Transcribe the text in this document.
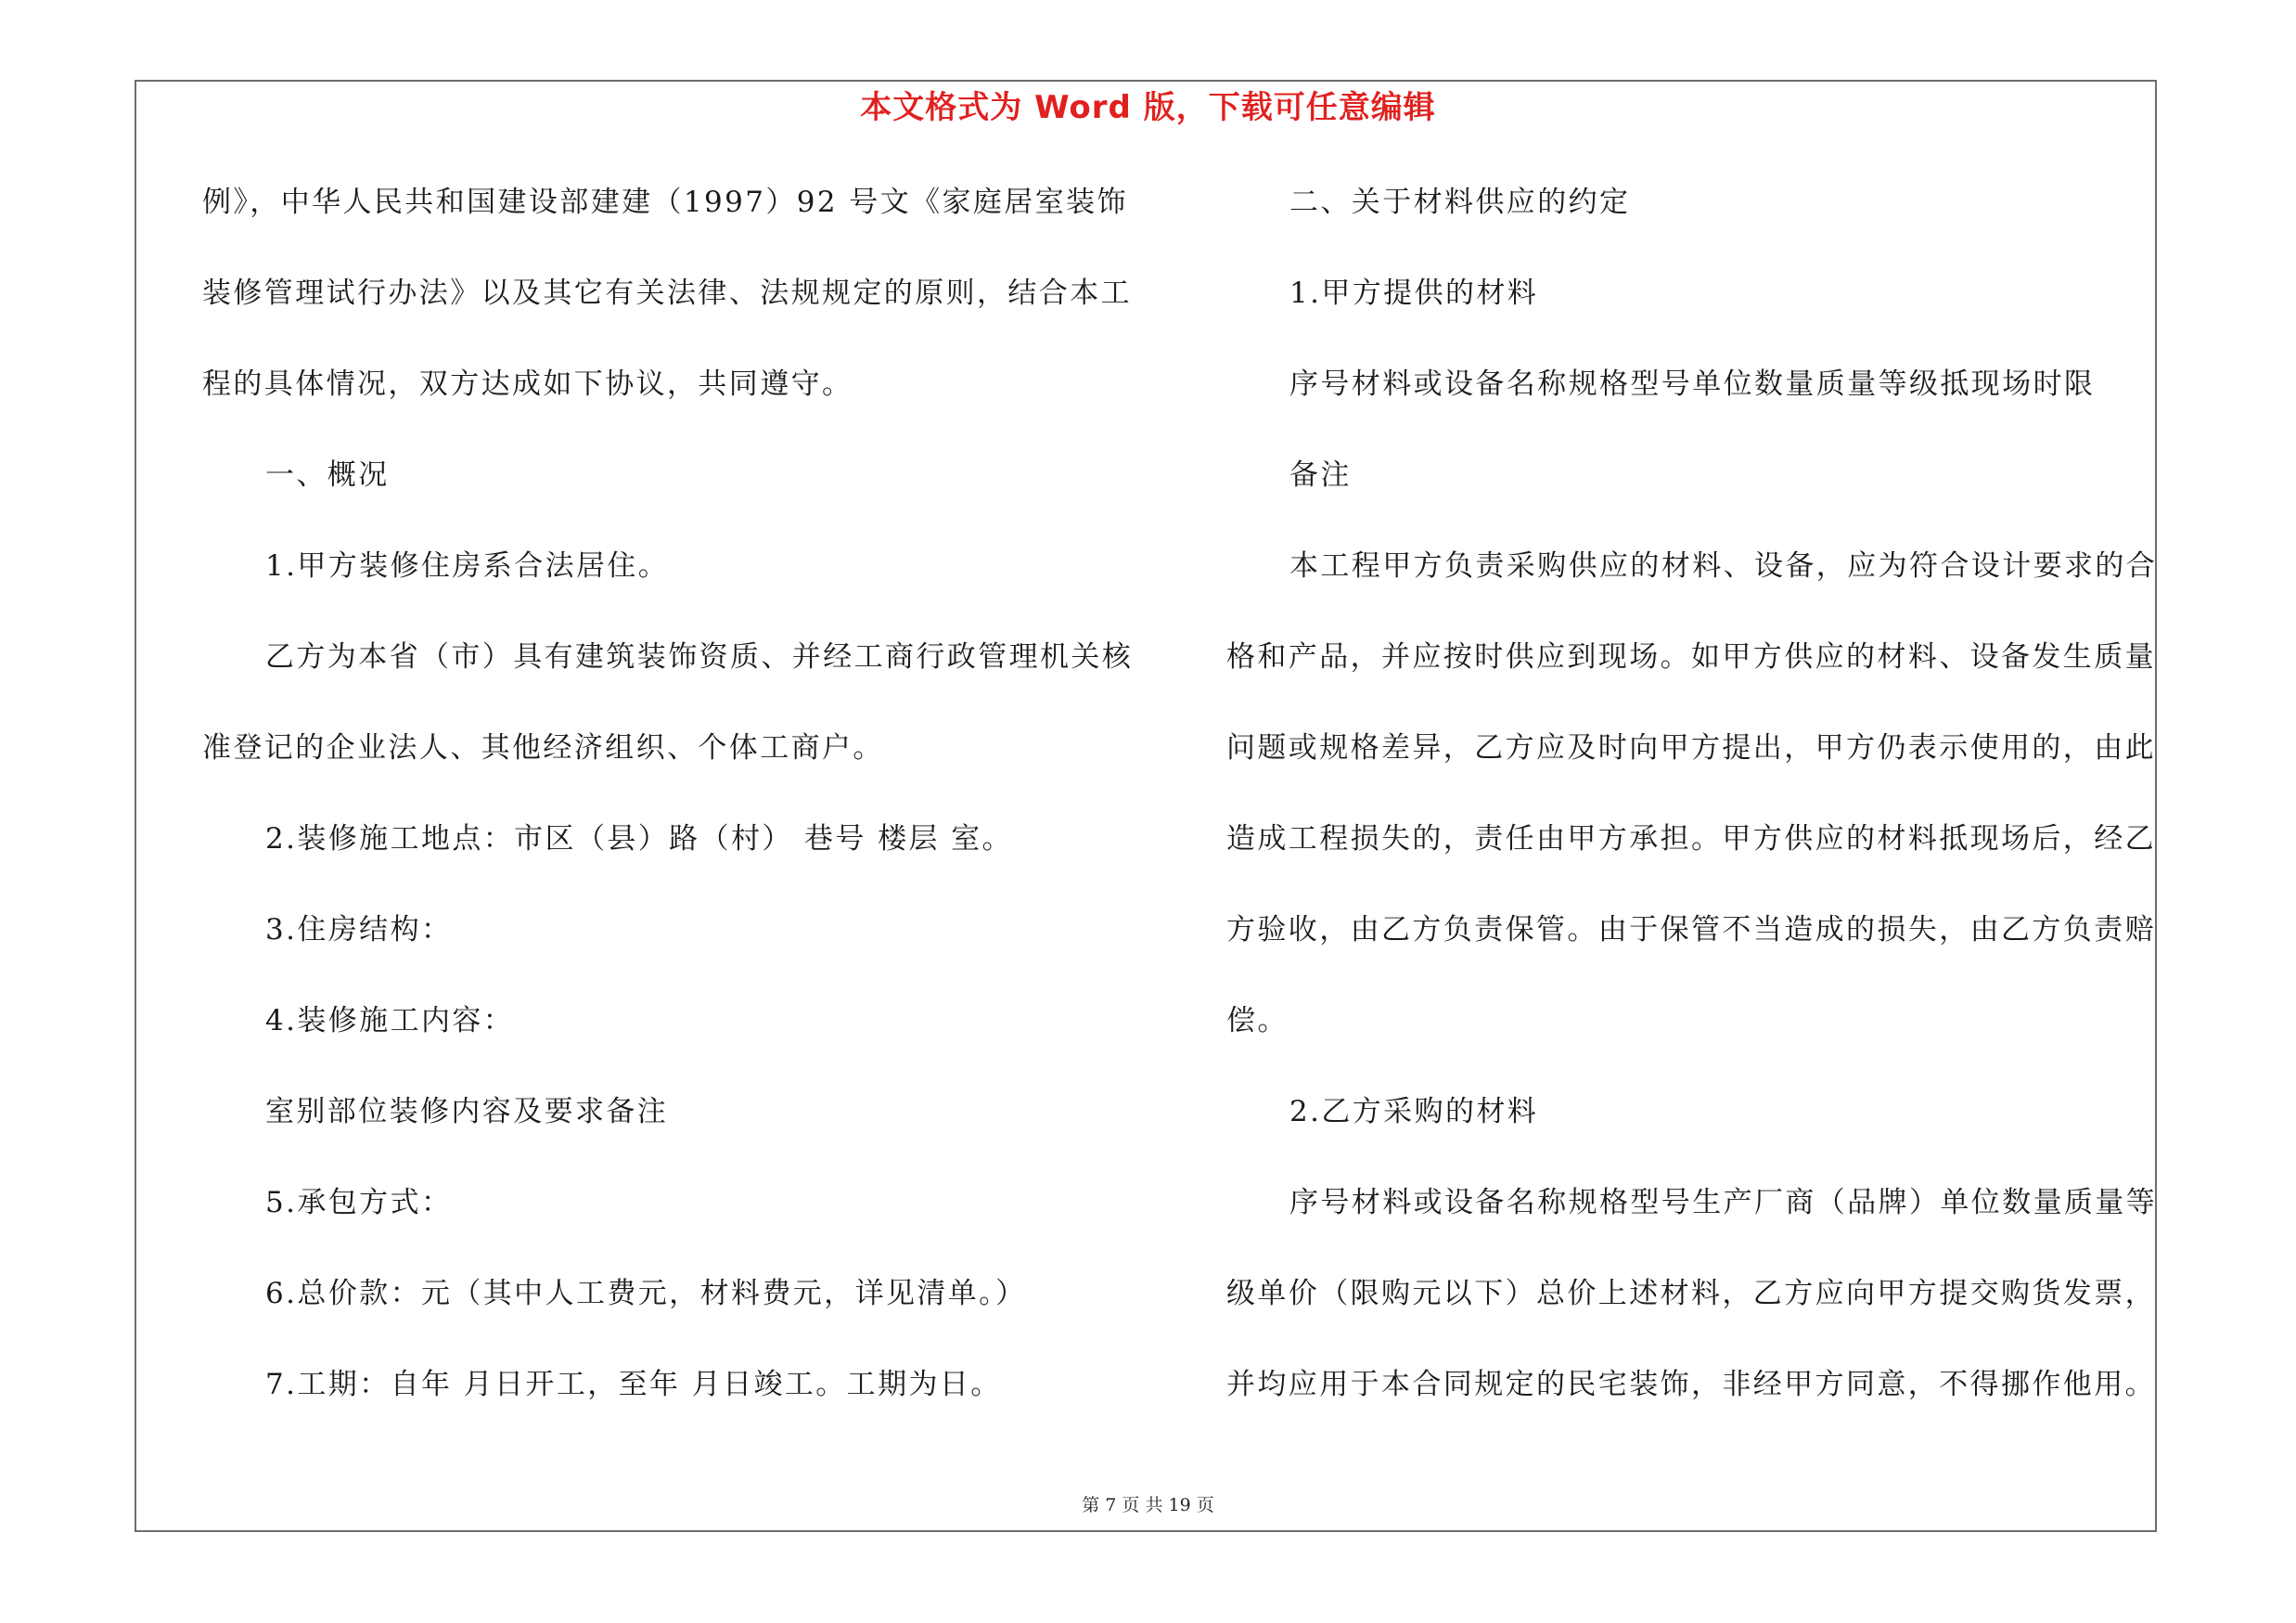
本文格式为 Word 版，下载可任意编辑
例》，中华人民共和国建设部建建（1997）92 号文《家庭居室装饰
装修管理试行办法》以及其它有关法律、法规规定的原则，结合本工
程的具体情况，双方达成如下协议，共同遵守。
一、概况
1.甲方装修住房系合法居住。
乙方为本省（市）具有建筑装饰资质、并经工商行政管理机关核
准登记的企业法人、其他经济组织、个体工商户。
2.装修施工地点：市区（县）路（村） 巷号 楼层 室。
3.住房结构：
4.装修施工内容：
室别部位装修内容及要求备注
5.承包方式：
6.总价款：元（其中人工费元，材料费元，详见清单。）
7.工期：自年 月日开工，至年 月日竣工。工期为日。
二、关于材料供应的约定
1.甲方提供的材料
序号材料或设备名称规格型号单位数量质量等级抵现场时限
备注
本工程甲方负责采购供应的材料、设备，应为符合设计要求的合
格和产品，并应按时供应到现场。如甲方供应的材料、设备发生质量
问题或规格差异，乙方应及时向甲方提出，甲方仍表示使用的，由此
造成工程损失的，责任由甲方承担。甲方供应的材料抵现场后，经乙
方验收，由乙方负责保管。由于保管不当造成的损失，由乙方负责赔
偿。
2.乙方采购的材料
序号材料或设备名称规格型号生产厂商（品牌）单位数量质量等
级单价（限购元以下）总价上述材料，乙方应向甲方提交购货发票，
并均应用于本合同规定的民宅装饰，非经甲方同意，不得挪作他用。
第 7 页 共 19 页
